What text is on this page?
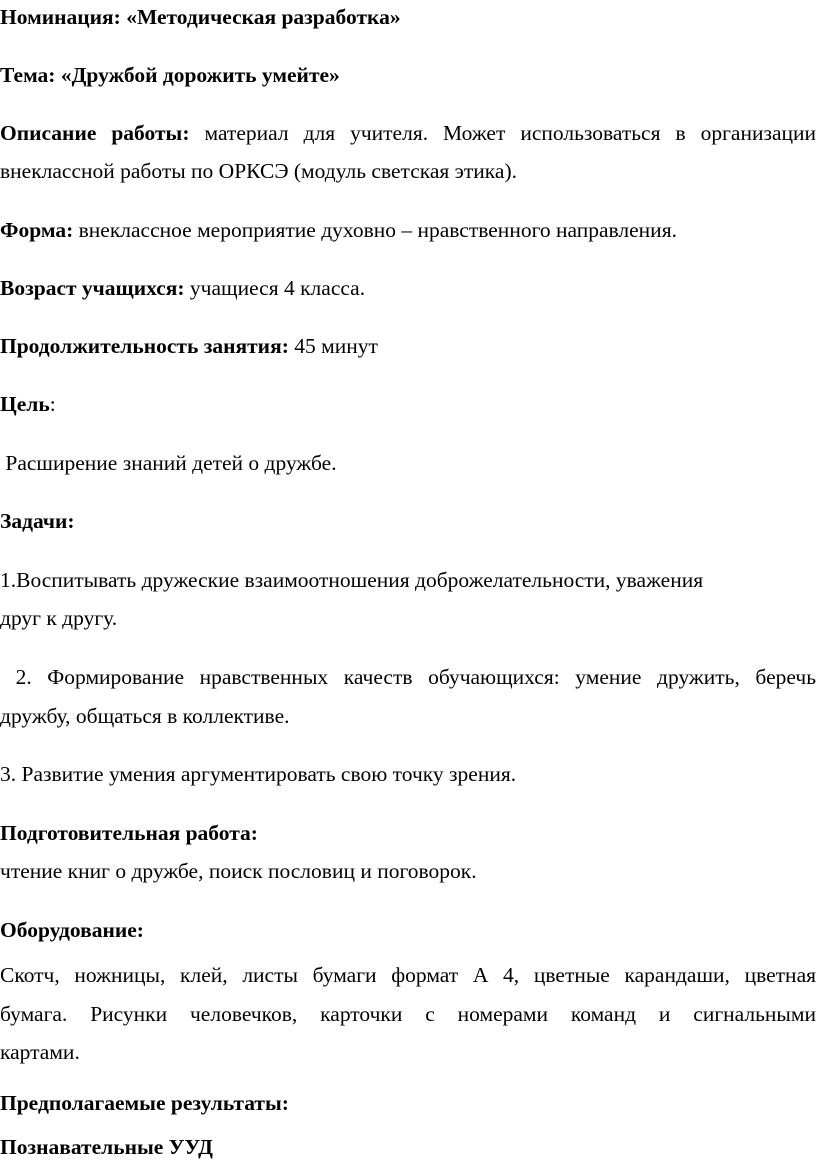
Номинация: «Методическая разработка»
Тема: «Дружбой дорожить умейте»
Описание работы: материал для учителя. Может использоваться в организации
внеклассной работы по ОРКСЭ (модуль светская этика).
Форма: внеклассное мероприятие духовно – нравственного направления.
Возраст учащихся: учащиеся 4 класса.
Продолжительность занятия: 45 минут
Цель:
Расширение знаний детей о дружбе.
Задачи:
1.Воспитывать дружеские взаимоотношения доброжелательности, уважения
друг к другу.
2. Формирование нравственных качеств обучающихся: умение дружить, беречь
дружбу, общаться в коллективе.
3. Развитие умения аргументировать свою точку зрения.
Подготовительная работа:
чтение книг о дружбе, поиск пословиц и поговорок.
Оборудование:
Скотч, ножницы, клей, листы бумаги формат А 4, цветные карандаши, цветная
бумага. Рисунки человечков, карточки с номерами команд и сигнальными
картами.
Предполагаемые результаты:
Познавательные УУД
